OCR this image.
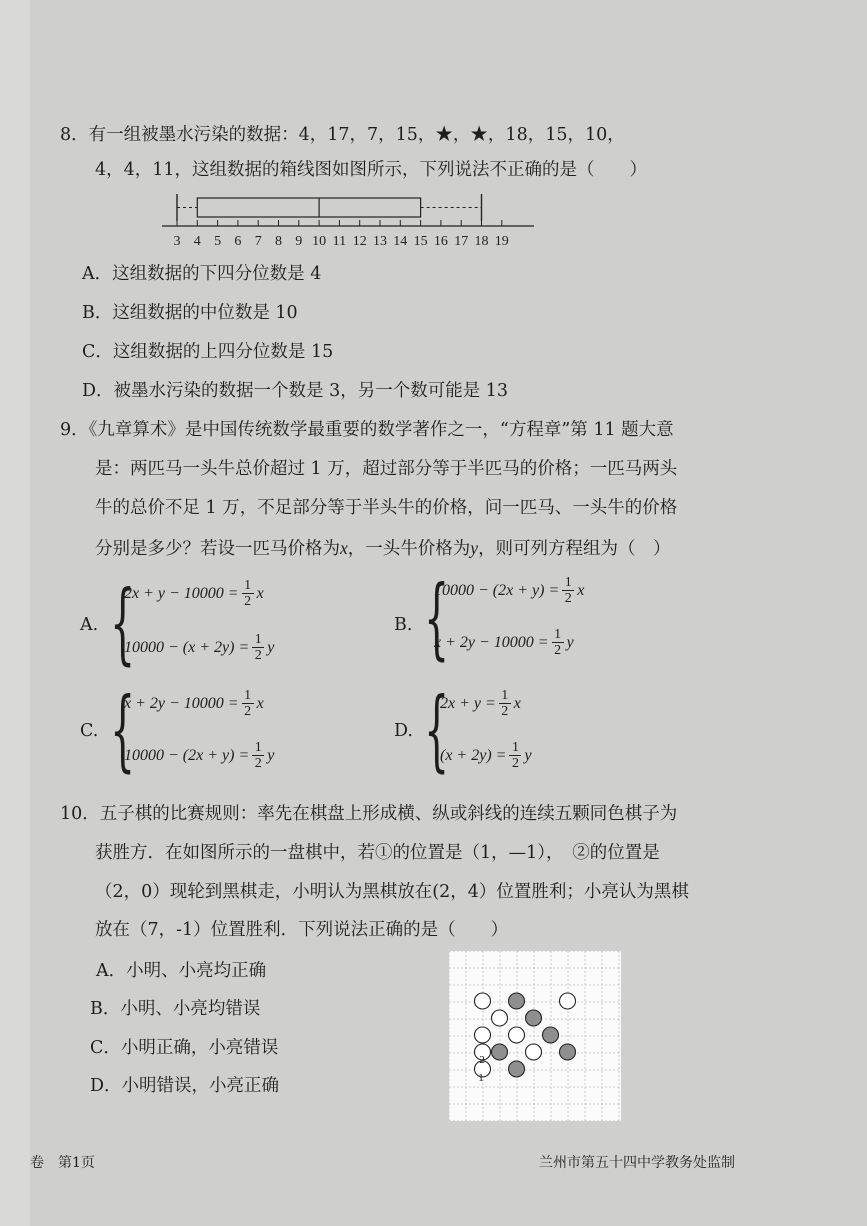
8．有一组被墨水污染的数据：4，17，7，15，★，★，18，15，10，
4，4，11，这组数据的箱线图如图所示，下列说法不正确的是（　　）
3 4 5 6 7 8 9 10 11 12 13 14 15 16 17 18 19
A．这组数据的下四分位数是 4
B．这组数据的中位数是 10
C．这组数据的上四分位数是 15
D．被墨水污染的数据一个数是 3，另一个数可能是 13
9．《九章算术》是中国传统数学最重要的数学著作之一，“方程章”第 11 题大意
是：两匹马一头牛总价超过 1 万，超过部分等于半匹马的价格；一匹马两头
牛的总价不足 1 万，不足部分等于半头牛的价格，问一匹马、一头牛的价格
分别是多少？若设一匹马价格为x，一头牛价格为y，则可列方程组为（　）
A. {
$2x + y - 10000 = \frac{1}{2}$ x
$10000 - (x + 2y) = \frac{1}{2}$ y
B. {
$10000 - (2x + y) = \frac{1}{2}$ x
$x + 2y - 10000 = \frac{1}{2}$ y
C. {
$x + 2y - 10000 = \frac{1}{2}$ x
$10000 - (2x + y) = \frac{1}{2}$ y
D. {
$2x + y = \frac{1}{2}$ x
$(x + 2y) = \frac{1}{2}$ y
10．五子棋的比赛规则：率先在棋盘上形成横、纵或斜线的连续五颗同色棋子为
获胜方．在如图所示的一盘棋中，若①的位置是（1，—1），　②的位置是
（2，0）现轮到黑棋走，小明认为黑棋放在(2，4）位置胜利；小亮认为黑棋
放在（7，-1）位置胜利．下列说法正确的是（　　）
A．小明、小亮均正确
B．小明、小亮均错误
C．小明正确，小亮错误
D．小明错误，小亮正确
2
1
卷　第1页	兰州市第五十四中学教务处监制
